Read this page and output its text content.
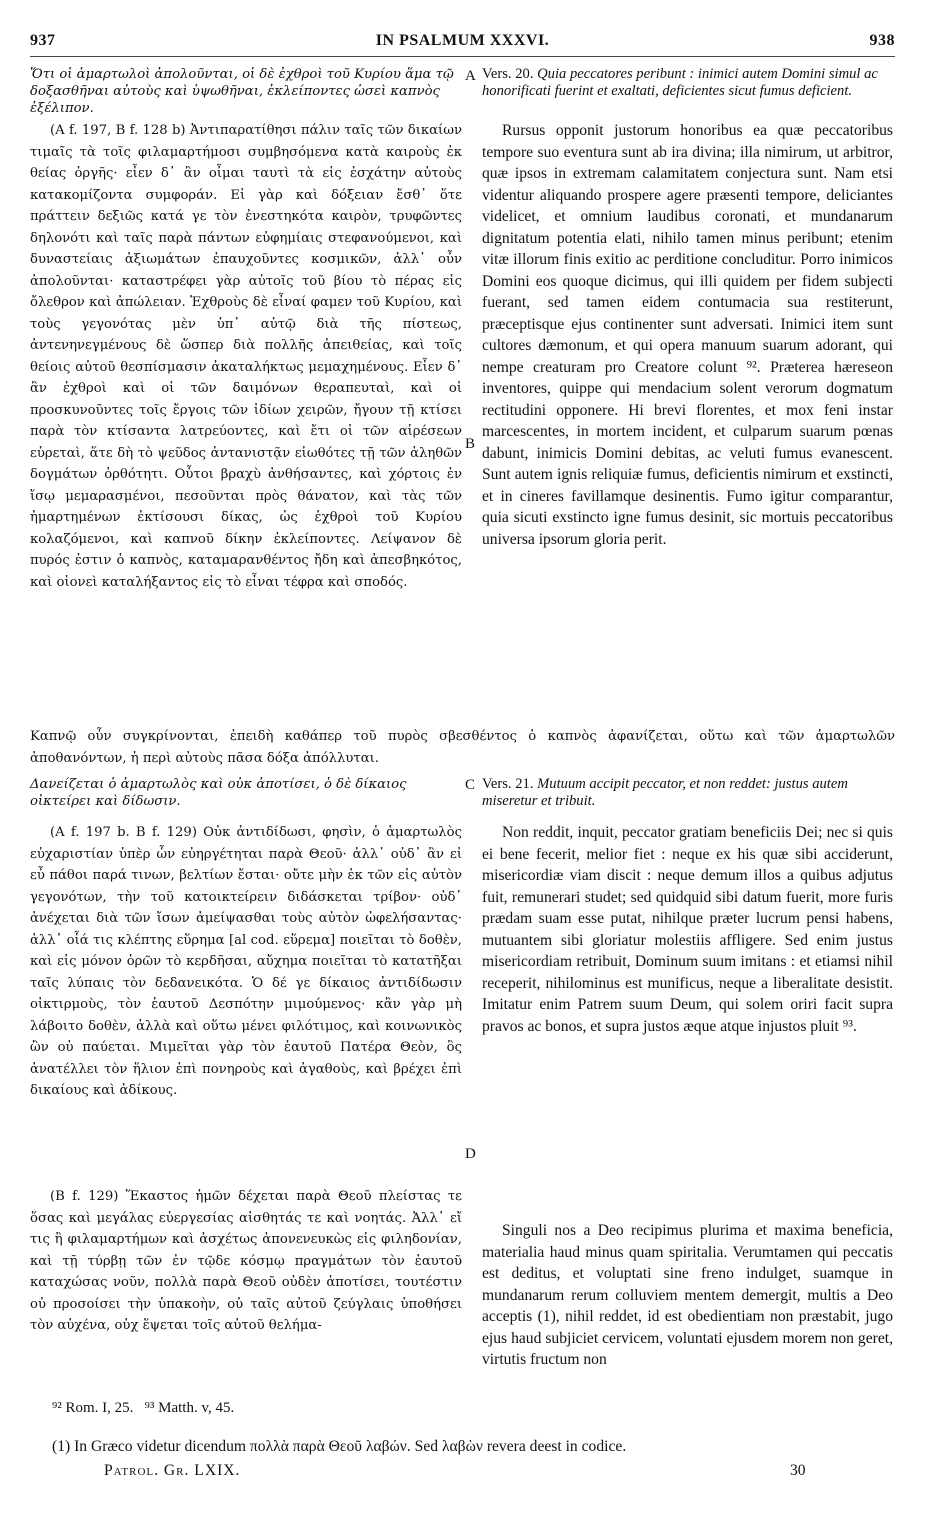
937	IN PSALMUM XXXVI.	938
Ὅτι οἱ ἁμαρτωλοὶ ἀπολοῦνται, οἱ δὲ ἐχθροὶ τοῦ Κυρίου ἅμα τῷ δοξασθῆναι αὐτοὺς καὶ ὑψωθῆναι, ἐκλείποντες ὡσεὶ καπνὸς ἐξέλιπον.
Vers. 20. Quia peccatores peribunt : inimici autem Domini simul ac honorificati fuerint et exaltati, deficientes sicut fumus deficient.
(A f. 197, B f. 128 b) Ἀντιπαρατίθησι πάλιν ταῖς τῶν δικαίων τιμαῖς τὰ τοῖς φιλαμαρτήμοσι συμβησόμενα κατὰ καιροὺς ἐκ θείας ὀργῆς· εἶεν δ᾽ ἂν οἶμαι ταυτὶ τὰ εἰς ἐσχάτην αὐτοὺς κατακομίζοντα συμφοράν. Εἰ γὰρ καὶ δόξειαν ἔσθ᾽ ὅτε πράττειν δεξιῶς κατά γε τὸν ἐνεστηκότα καιρὸν, τρυφῶντες δηλονότι καὶ ταῖς παρὰ πάντων εὐφημίαις στεφανούμενοι, καὶ δυναστείαις ἀξιωμάτων ἐπαυχοῦντες κοσμικῶν, ἀλλ᾽ οὖν ἀπολοῦνται· καταστρέφει γὰρ αὐτοῖς τοῦ βίου τὸ πέρας εἰς ὄλεθρον καὶ ἀπώλειαν. Ἐχθροὺς δὲ εἶναί φαμεν τοῦ Κυρίου, καὶ τοὺς γεγονότας μὲν ὑπ᾽ αὐτῷ διὰ τῆς πίστεως, ἀντενηνεγμένους δὲ ὥσπερ διὰ πολλῆς ἀπειθείας, καὶ τοῖς θείοις αὐτοῦ θεσπίσμασιν ἀκαταλήκτως μεμαχημένους. Εἶεν δ᾽ ἂν ἐχθροὶ καὶ οἱ τῶν δαιμόνων θεραπευταὶ, καὶ οἱ προσκυνοῦντες τοῖς ἔργοις τῶν ἰδίων χειρῶν, ἤγουν τῇ κτίσει παρὰ τὸν κτίσαντα λατρεύοντες, καὶ ἔτι οἱ τῶν αἱρέσεων εὑρεταὶ, ἅτε δὴ τὸ ψεῦδος ἀντανιστᾷν εἰωθότες τῇ τῶν ἀληθῶν δογμάτων ὀρθότητι. Οὗτοι βραχὺ ἀνθήσαντες, καὶ χόρτοις ἐν ἴσῳ μεμαρασμένοι, πεσοῦνται πρὸς θάνατον, καὶ τὰς τῶν ἡμαρτημένων ἐκτίσουσι δίκας, ὡς ἐχθροὶ τοῦ Κυρίου κολαζόμενοι, καὶ καπνοῦ δίκην ἐκλείποντες. Λείψανον δὲ πυρός ἐστιν ὁ καπνὸς, καταμαρανθέντος ἤδη καὶ ἀπεσβηκότος, καὶ οἱονεὶ καταλήξαντος εἰς τὸ εἶναι τέφρα καὶ σποδός.
Rursus opponit justorum honoribus ea quæ peccatoribus tempore suo eventura sunt ab ira divina; illa nimirum, ut arbitror, quæ ipsos in extremam calamitatem conjectura sunt. Nam etsi videntur aliquando prospere agere præsenti tempore, deliciantes videlicet, et omnium laudibus coronati, et mundanarum dignitatum potentia elati, nihilo tamen minus peribunt; etenim vitæ illorum finis exitio ac perditione concluditur. Porro inimicos Domini eos quoque dicimus, qui illi quidem per fidem subjecti fuerant, sed tamen eidem contumacia sua restiterunt, præceptisque ejus continenter sunt adversati. Inimici item sunt cultores dæmonum, et qui opera manuum suarum adorant, qui nempe creaturam pro Creatore colunt ⁹². Præterea hæreseon inventores, quippe qui mendacium solent verorum dogmatum rectitudini opponere. Hi brevi florentes, et mox feni instar marcescentes, in mortem incident, et culparum suarum pœnas dabunt, inimicis Domini debitas, ac veluti fumus evanescent. Sunt autem ignis reliquiæ fumus, deficientis nimirum et exstincti, et in cineres favillamque desinentis. Fumo igitur comparantur, quia sicuti exstincto igne fumus desinit, sic mortuis peccatoribus universa ipsorum gloria perit.
Καπνῷ οὖν συγκρίνονται, ἐπειδὴ καθάπερ τοῦ πυρὸς σβεσθέντος ὁ καπνὸς ἀφανίζεται, οὕτω καὶ τῶν ἁμαρτωλῶν ἀποθανόντων, ἡ περὶ αὐτοὺς πᾶσα δόξα ἀπόλλυται.
Δανείζεται ὁ ἁμαρτωλὸς καὶ οὐκ ἀποτίσει, ὁ δὲ δίκαιος οἰκτείρει καὶ δίδωσιν.
Vers. 21. Mutuum accipit peccator, et non reddet: justus autem miseretur et tribuit.
(A f. 197 b. B f. 129) Οὐκ ἀντιδίδωσι, φησὶν, ὁ ἁμαρτωλὸς εὐχαριστίαν ὑπὲρ ὧν εὐηργέτηται παρὰ Θεοῦ· ἀλλ᾽ οὐδ᾽ ἂν εἰ εὖ πάθοι παρά τινων, βελτίων ἔσται· οὔτε μὴν ἐκ τῶν εἰς αὐτὸν γεγονότων, τὴν τοῦ κατοικτείρειν διδάσκεται τρίβον· οὐδ᾽ ἀνέχεται διὰ τῶν ἴσων ἀμείψασθαι τοὺς αὐτὸν ὠφελήσαντας· ἀλλ᾽ οἷά τις κλέπτης εὕρημα [al cod. εὕρεμα] ποιεῖται τὸ δοθὲν, καὶ εἰς μόνον ὁρῶν τὸ κερδῆσαι, αὔχημα ποιεῖται τὸ κατατῆξαι ταῖς λύπαις τὸν δεδανεικότα. Ὁ δέ γε δίκαιος ἀντιδίδωσιν οἰκτιρμοὺς, τὸν ἑαυτοῦ Δεσπότην μιμούμενος· κἂν γὰρ μὴ λάβοιτο δοθὲν, ἀλλὰ καὶ οὕτω μένει φιλότιμος, καὶ κοινωνικὸς ὢν οὐ παύεται. Μιμεῖται γὰρ τὸν ἑαυτοῦ Πατέρα Θεὸν, ὃς ἀνατέλλει τὸν ἥλιον ἐπὶ πονηροὺς καὶ ἀγαθοὺς, καὶ βρέχει ἐπὶ δικαίους καὶ ἀδίκους.
Non reddit, inquit, peccator gratiam beneficiis Dei; nec si quis ei bene fecerit, melior fiet : neque ex his quæ sibi acciderunt, misericordiæ viam discit : neque demum illos a quibus adjutus fuit, remunerari studet; sed quidquid sibi datum fuerit, more furis prædam suam esse putat, nihilque præter lucrum pensi habens, mutuantem sibi gloriatur molestiis affligere. Sed enim justus misericordiam retribuit, Dominum suum imitans : et etiamsi nihil receperit, nihilominus est munificus, neque a liberalitate desistit. Imitatur enim Patrem suum Deum, qui solem oriri facit supra pravos ac bonos, et supra justos æque atque injustos pluit ⁹³.
(B f. 129) Ἕκαστος ἡμῶν δέχεται παρὰ Θεοῦ πλείστας τε ὅσας καὶ μεγάλας εὐεργεσίας αἰσθητάς τε καὶ νοητάς. Ἀλλ᾽ εἴ τις ἢ φιλαμαρτήμων καὶ ἀσχέτως ἀπονενευκὼς εἰς φιληδονίαν, καὶ τῇ τύρβῃ τῶν ἐν τῷδε κόσμῳ πραγμάτων τὸν ἑαυτοῦ καταχώσας νοῦν, πολλὰ παρὰ Θεοῦ οὐδὲν ἀποτίσει, τουτέστιν οὐ προσοίσει τὴν ὑπακοὴν, οὐ ταῖς αὐτοῦ ζεύγλαις ὑποθήσει τὸν αὐχένα, οὐχ ἕψεται τοῖς αὐτοῦ θελήμα-
Singuli nos a Deo recipimus plurima et maxima beneficia, materialia haud minus quam spiritalia. Verumtamen qui peccatis est deditus, et voluptati sine freno indulget, suamque in mundanarum rerum colluviem mentem demergit, multis a Deo acceptis (1), nihil reddet, id est obedientiam non præstabit, jugo ejus haud subjiciet cervicem, voluntati ejusdem morem non geret, virtutis fructum non
A
B
C
D
⁹² Rom. I, 25.   ⁹³ Matth. v, 45.
(1) In Græco videtur dicendum πολλὰ παρὰ Θεοῦ λαβών. Sed λαβὼν revera deest in codice.
Patrol. Gr. LXIX.	30
